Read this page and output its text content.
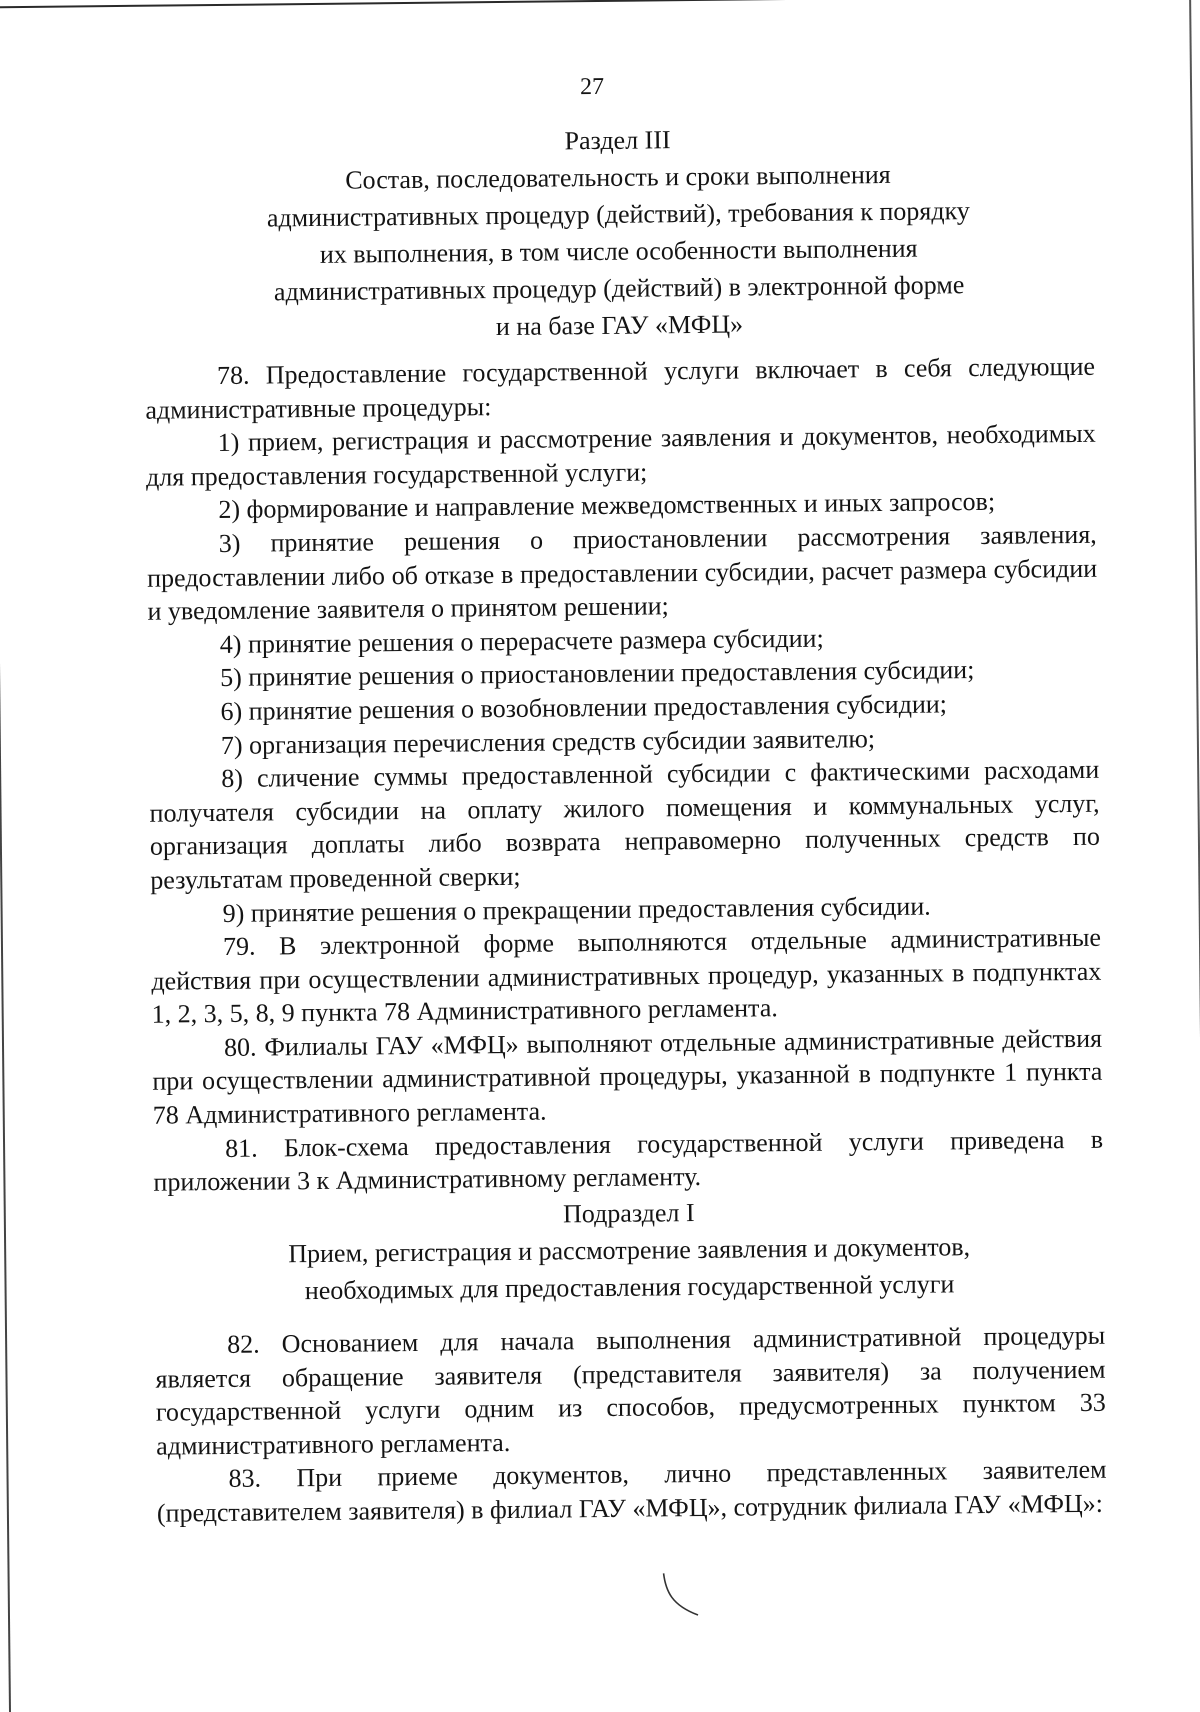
27
Раздел III
Состав, последовательность и сроки выполнения
административных процедур (действий), требования к порядку
их выполнения, в том числе особенности выполнения
административных процедур (действий) в электронной форме
и на базе ГАУ «МФЦ»

78. Предоставление государственной услуги включает в себя следующие административные процедуры:

1) прием, регистрация и рассмотрение заявления и документов, необходимых для предоставления государственной услуги;

2) формирование и направление межведомственных и иных запросов;

3) принятие решения о приостановлении рассмотрения заявления, предоставлении либо об отказе в предоставлении субсидии, расчет размера субсидии и уведомление заявителя о принятом решении;

4) принятие решения о перерасчете размера субсидии;

5) принятие решения о приостановлении предоставления субсидии;

6) принятие решения о возобновлении предоставления субсидии;

7) организация перечисления средств субсидии заявителю;

8) сличение суммы предоставленной субсидии с фактическими расходами получателя субсидии на оплату жилого помещения и коммунальных услуг, организация доплаты либо возврата неправомерно полученных средств по результатам проведенной сверки;

9) принятие решения о прекращении предоставления субсидии.

79. В электронной форме выполняются отдельные административные действия при осуществлении административных процедур, указанных в подпунктах 1, 2, 3, 5, 8, 9 пункта 78 Административного регламента.

80. Филиалы ГАУ «МФЦ» выполняют отдельные административные действия при осуществлении административной процедуры, указанной в подпункте 1 пункта 78 Административного регламента.

81. Блок-схема предоставления государственной услуги приведена в приложении 3 к Административному регламенту.

Подраздел I
Прием, регистрация и рассмотрение заявления и документов,
необходимых для предоставления государственной услуги

82. Основанием для начала выполнения административной процедуры является обращение заявителя (представителя заявителя) за получением государственной услуги одним из способов, предусмотренных пунктом 33 административного регламента.

83. При приеме документов, лично представленных заявителем (представителем заявителя) в филиал ГАУ «МФЦ», сотрудник филиала ГАУ «МФЦ»:
